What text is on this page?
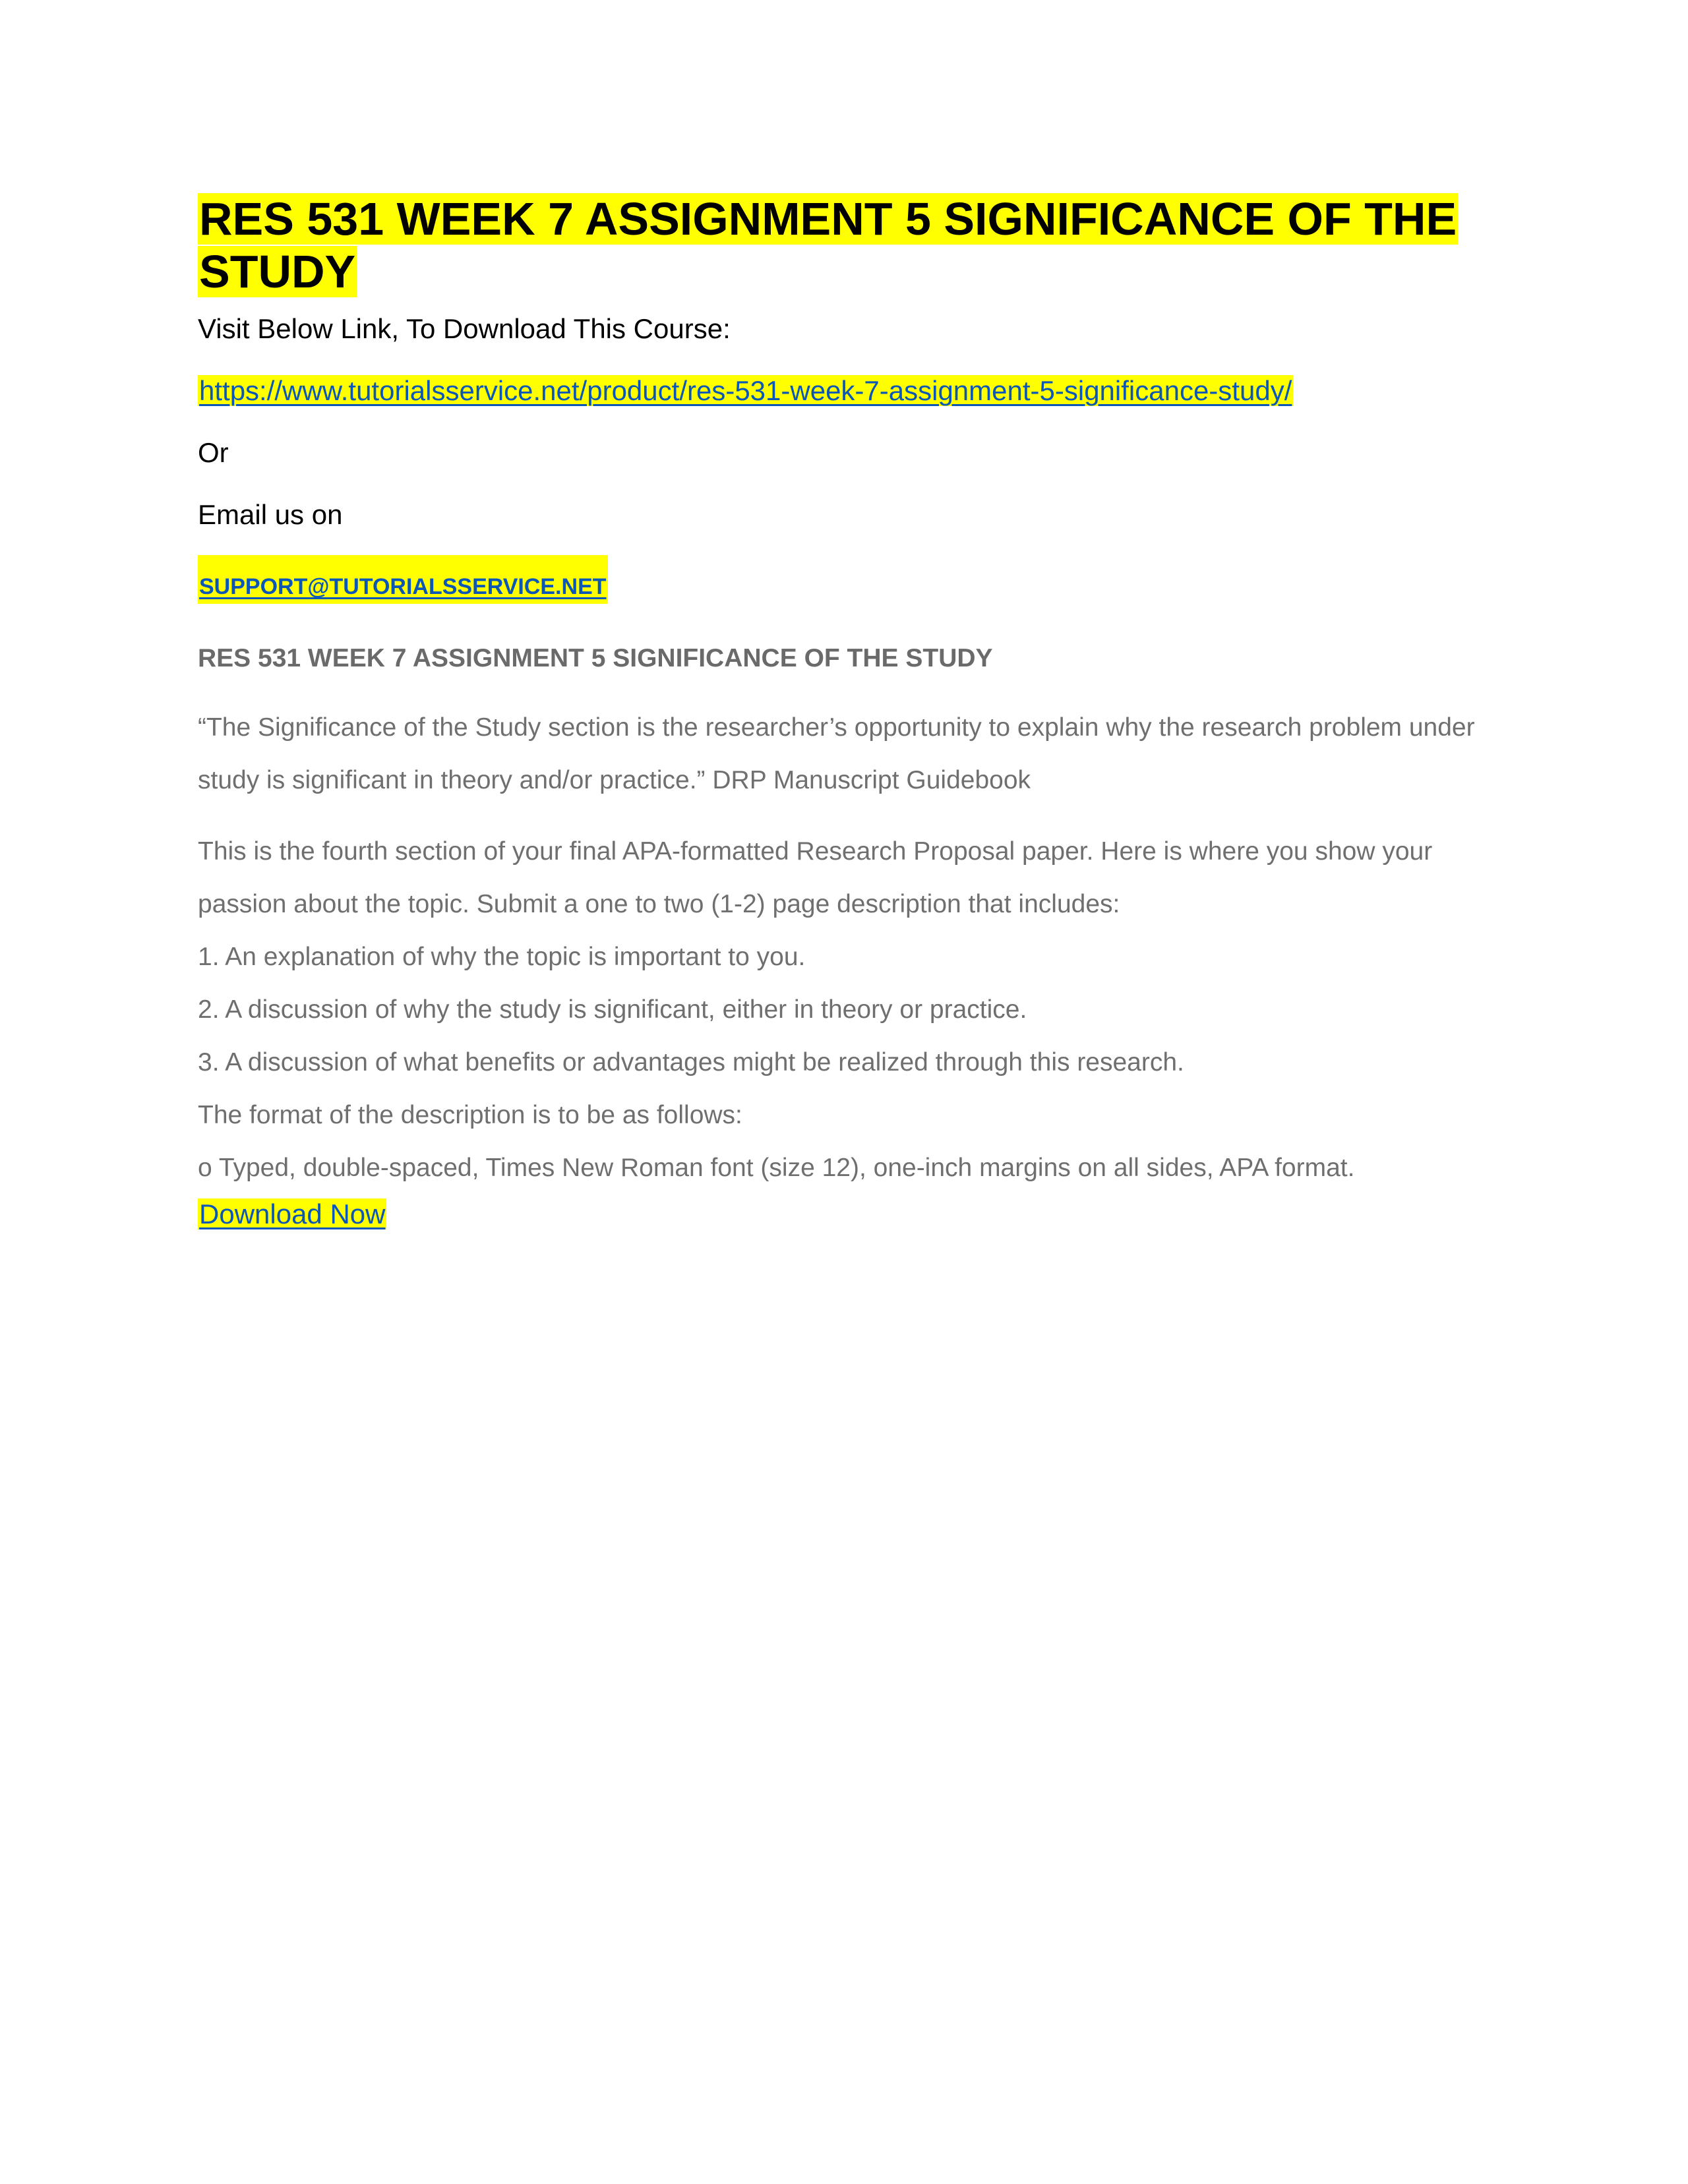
RES 531 WEEK 7 ASSIGNMENT 5 SIGNIFICANCE OF THE STUDY

Visit Below Link, To Download This Course:

https://www.tutorialsservice.net/product/res-531-week-7-assignment-5-significance-study/

Or

Email us on

SUPPORT@TUTORIALSSERVICE.NET

RES 531 WEEK 7 ASSIGNMENT 5 SIGNIFICANCE OF THE STUDY

“The Significance of the Study section is the researcher’s opportunity to explain why the research problem under study is significant in theory and/or practice.” DRP Manuscript Guidebook

This is the fourth section of your final APA-formatted Research Proposal paper. Here is where you show your passion about the topic. Submit a one to two (1-2) page description that includes:

1. An explanation of why the topic is important to you.

2. A discussion of why the study is significant, either in theory or practice.

3. A discussion of what benefits or advantages might be realized through this research.

The format of the description is to be as follows:

o Typed, double-spaced, Times New Roman font (size 12), one-inch margins on all sides, APA format.

Download Now
